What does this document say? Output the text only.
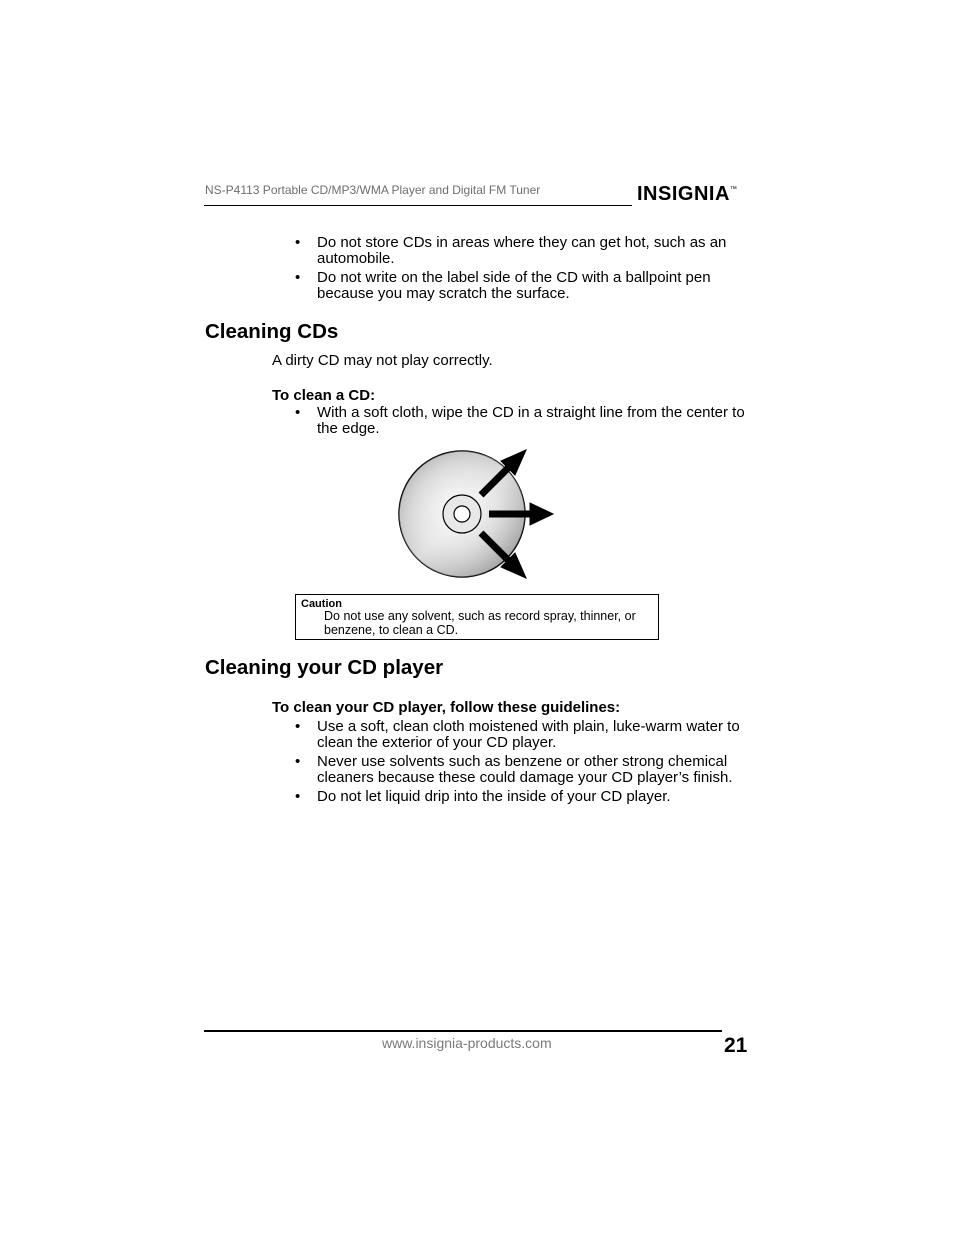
NS-P4113 Portable CD/MP3/WMA Player and Digital FM Tuner	INSIGNIA™
• Do not store CDs in areas where they can get hot, such as an automobile.
• Do not write on the label side of the CD with a ballpoint pen because you may scratch the surface.
Cleaning CDs
A dirty CD may not play correctly.
To clean a CD:
• With a soft cloth, wipe the CD in a straight line from the center to the edge.
Caution
Do not use any solvent, such as record spray, thinner, or benzene, to clean a CD.
Cleaning your CD player
To clean your CD player, follow these guidelines:
• Use a soft, clean cloth moistened with plain, luke-warm water to clean the exterior of your CD player.
• Never use solvents such as benzene or other strong chemical cleaners because these could damage your CD player’s finish.
• Do not let liquid drip into the inside of your CD player.
www.insignia-products.com	21
